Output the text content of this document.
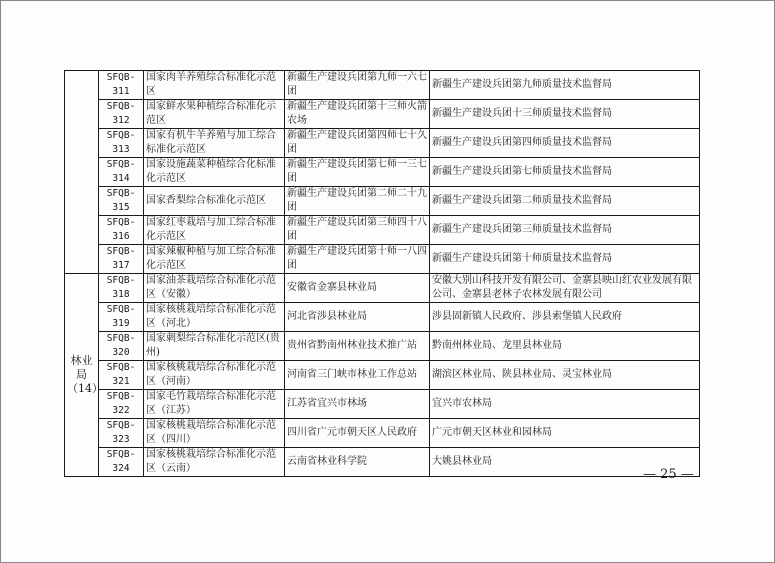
	SFQB-311	国家肉羊养殖综合标准化示范区	新疆生产建设兵团第九师一六七团	新疆生产建设兵团第九师质量技术监督局
	SFQB-312	国家鲜水果种植综合标准化示范区	新疆生产建设兵团第十三师火箭农场	新疆生产建设兵团十三师质量技术监督局
	SFQB-313	国家有机牛羊养殖与加工综合标准化示范区	新疆生产建设兵团第四师七十久团	新疆生产建设兵团第四师质量技术监督局
	SFQB-314	国家设施蔬菜种植综合化标准化示范区	新疆生产建设兵团第七师一三七团	新疆生产建设兵团第七师质量技术监督局
	SFQB-315	国家香梨综合标准化示范区	新疆生产建设兵团第二师二十九团	新疆生产建设兵团第二师质量技术监督局
	SFQB-316	国家红枣栽培与加工综合标准化示范区	新疆生产建设兵团第三师四十八团	新疆生产建设兵团第三师质量技术监督局
	SFQB-317	国家辣椒种植与加工综合标准化示范区	新疆生产建设兵团第十师一八四团	新疆生产建设兵团第十师质量技术监督局

林业局
（14）	SFQB-318	国家油茶栽培综合标准化示范区（安徽）	安徽省金寨县林业局	安徽大别山科技开发有限公司、金寨县映山红农业发展有限公司、金寨县老林子农林发展有限公司
	SFQB-319	国家核桃栽培综合标准化示范区（河北）	河北省涉县林业局	涉县固新镇人民政府、涉县索堡镇人民政府
	SFQB-320	国家刺梨综合标准化示范区(贵州)	贵州省黔南州林业技术推广站	黔南州林业局、龙里县林业局
	SFQB-321	国家核桃栽培综合标准化示范区（河南）	河南省三门峡市林业工作总站	湖滨区林业局、陕县林业局、灵宝林业局
	SFQB-322	国家毛竹栽培综合标准化示范区（江苏）	江苏省宜兴市林场	宜兴市农林局
	SFQB-323	国家核桃栽培综合标准化示范区（四川）	四川省广元市朝天区人民政府	广元市朝天区林业和园林局
	SFQB-324	国家核桃栽培综合标准化示范区（云南）	云南省林业科学院	大姚县林业局
— 25 —
